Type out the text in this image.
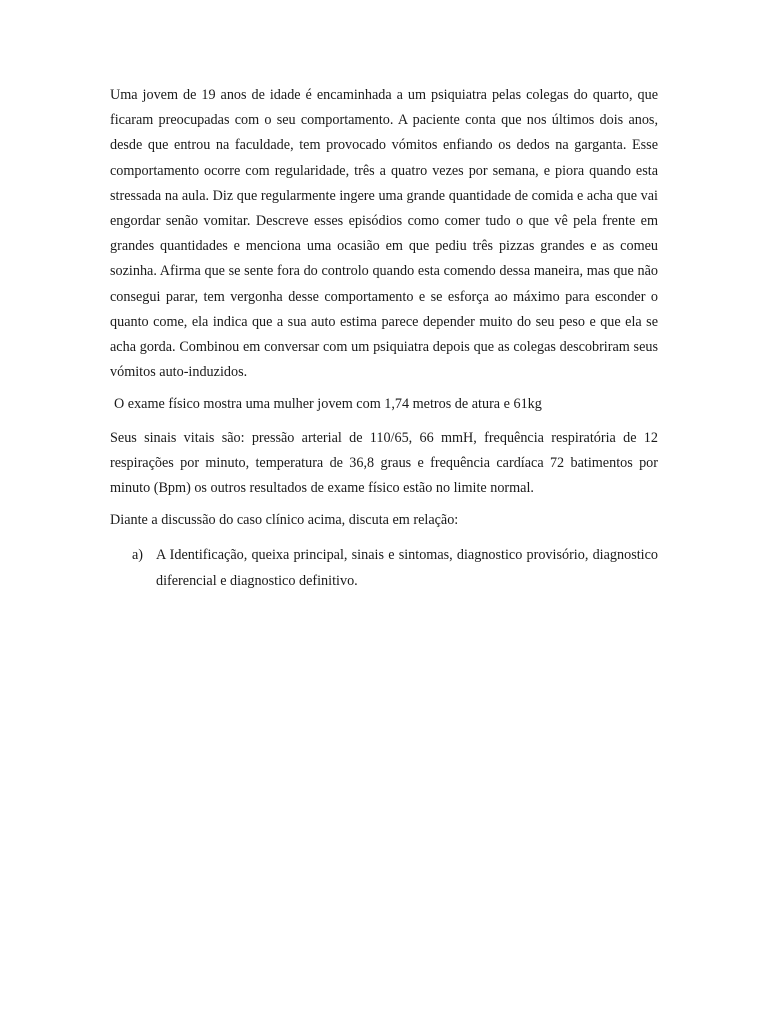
Uma jovem de 19 anos de idade é encaminhada a um psiquiatra pelas colegas do quarto, que ficaram preocupadas com o seu comportamento. A paciente conta que nos últimos dois anos, desde que entrou na faculdade, tem provocado vómitos enfiando os dedos na garganta. Esse comportamento ocorre com regularidade, três a quatro vezes por semana, e piora quando esta stressada na aula. Diz que regularmente ingere uma grande quantidade de comida e acha que vai engordar senão vomitar. Descreve esses episódios como comer tudo o que vê pela frente em grandes quantidades e menciona uma ocasião em que pediu três pizzas grandes e as comeu sozinha. Afirma que se sente fora do controlo quando esta comendo dessa maneira, mas que não consegui parar, tem vergonha desse comportamento e se esforça ao máximo para esconder o quanto come, ela indica que a sua auto estima parece depender muito do seu peso e que ela se acha gorda. Combinou em conversar com um psiquiatra depois que as colegas descobriram seus vómitos auto-induzidos.

O exame físico mostra uma mulher jovem com 1,74 metros de atura e 61kg

Seus sinais vitais são: pressão arterial de 110/65, 66 mmH, frequência respiratória de 12 respirações por minuto, temperatura de 36,8 graus e frequência cardíaca 72 batimentos por minuto (Bpm) os outros resultados de exame físico estão no limite normal.

Diante a discussão do caso clínico acima, discuta em relação:

a) A Identificação, queixa principal, sinais e sintomas, diagnostico provisório, diagnostico diferencial e diagnostico definitivo.
